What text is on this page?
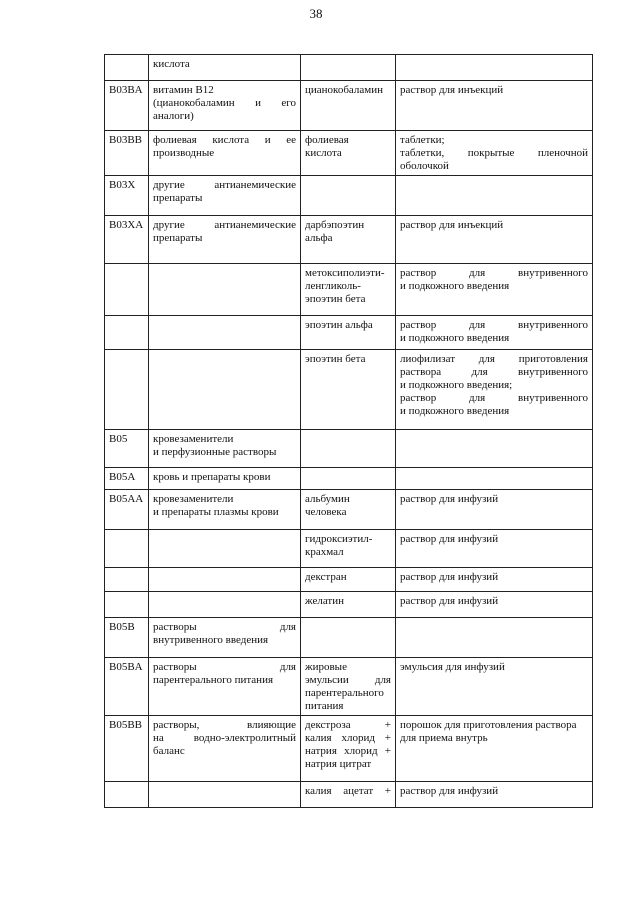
38

	кислота		

B03BA	витамин B12
(цианокобаламин и его
аналоги)	цианокобаламин	раствор для инъекций

B03BB	фолиевая кислота и ее
производные	фолиевая
кислота	таблетки;
таблетки, покрытые пленочной
оболочкой

B03X	другие антианемические
препараты		

B03XA	другие антианемические
препараты	дарбэпоэтин
альфа	раствор для инъекций

		метоксиполиэти-
ленгликоль-
эпоэтин бета	раствор для внутривенного
и подкожного введения

		эпоэтин альфа	раствор для внутривенного
и подкожного введения

		эпоэтин бета	лиофилизат для приготовления
раствора для внутривенного
и подкожного введения;
раствор для внутривенного
и подкожного введения

B05	кровезаменители
и перфузионные растворы		

B05A	кровь и препараты крови		

B05AA	кровезаменители
и препараты плазмы крови	альбумин
человека	раствор для инфузий

		гидроксиэтил-
крахмал	раствор для инфузий

		декстран	раствор для инфузий

		желатин	раствор для инфузий

B05B	растворы для
внутривенного введения		

B05BA	растворы для
парентерального питания	жировые
эмульсии для
парентерального
питания	эмульсия для инфузий

B05BB	растворы, влияющие
на водно-электролитный
баланс	декстроза +
калия хлорид +
натрия хлорид +
натрия цитрат	порошок для приготовления раствора
для приема внутрь

		калия ацетат +	раствор для инфузий
